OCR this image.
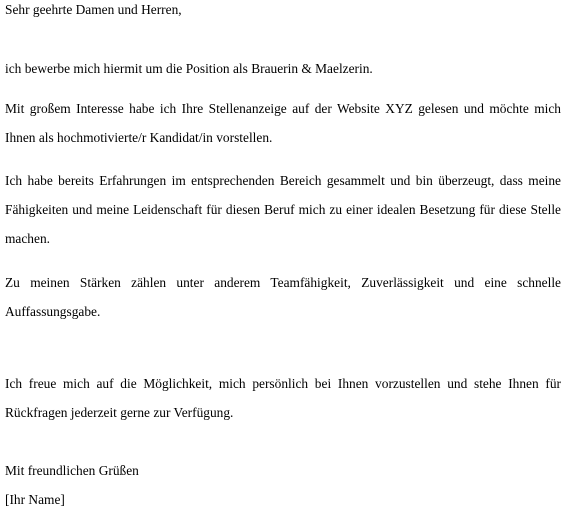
Sehr geehrte Damen und Herren,

ich bewerbe mich hiermit um die Position als Brauerin & Maelzerin.

Mit großem Interesse habe ich Ihre Stellenanzeige auf der Website XYZ gelesen und möchte mich Ihnen als hochmotivierte/r Kandidat/in vorstellen.

Ich habe bereits Erfahrungen im entsprechenden Bereich gesammelt und bin überzeugt, dass meine Fähigkeiten und meine Leidenschaft für diesen Beruf mich zu einer idealen Besetzung für diese Stelle machen.

Zu meinen Stärken zählen unter anderem Teamfähigkeit, Zuverlässigkeit und eine schnelle Auffassungsgabe.

Ich freue mich auf die Möglichkeit, mich persönlich bei Ihnen vorzustellen und stehe Ihnen für Rückfragen jederzeit gerne zur Verfügung.

Mit freundlichen Grüßen

[Ihr Name]
